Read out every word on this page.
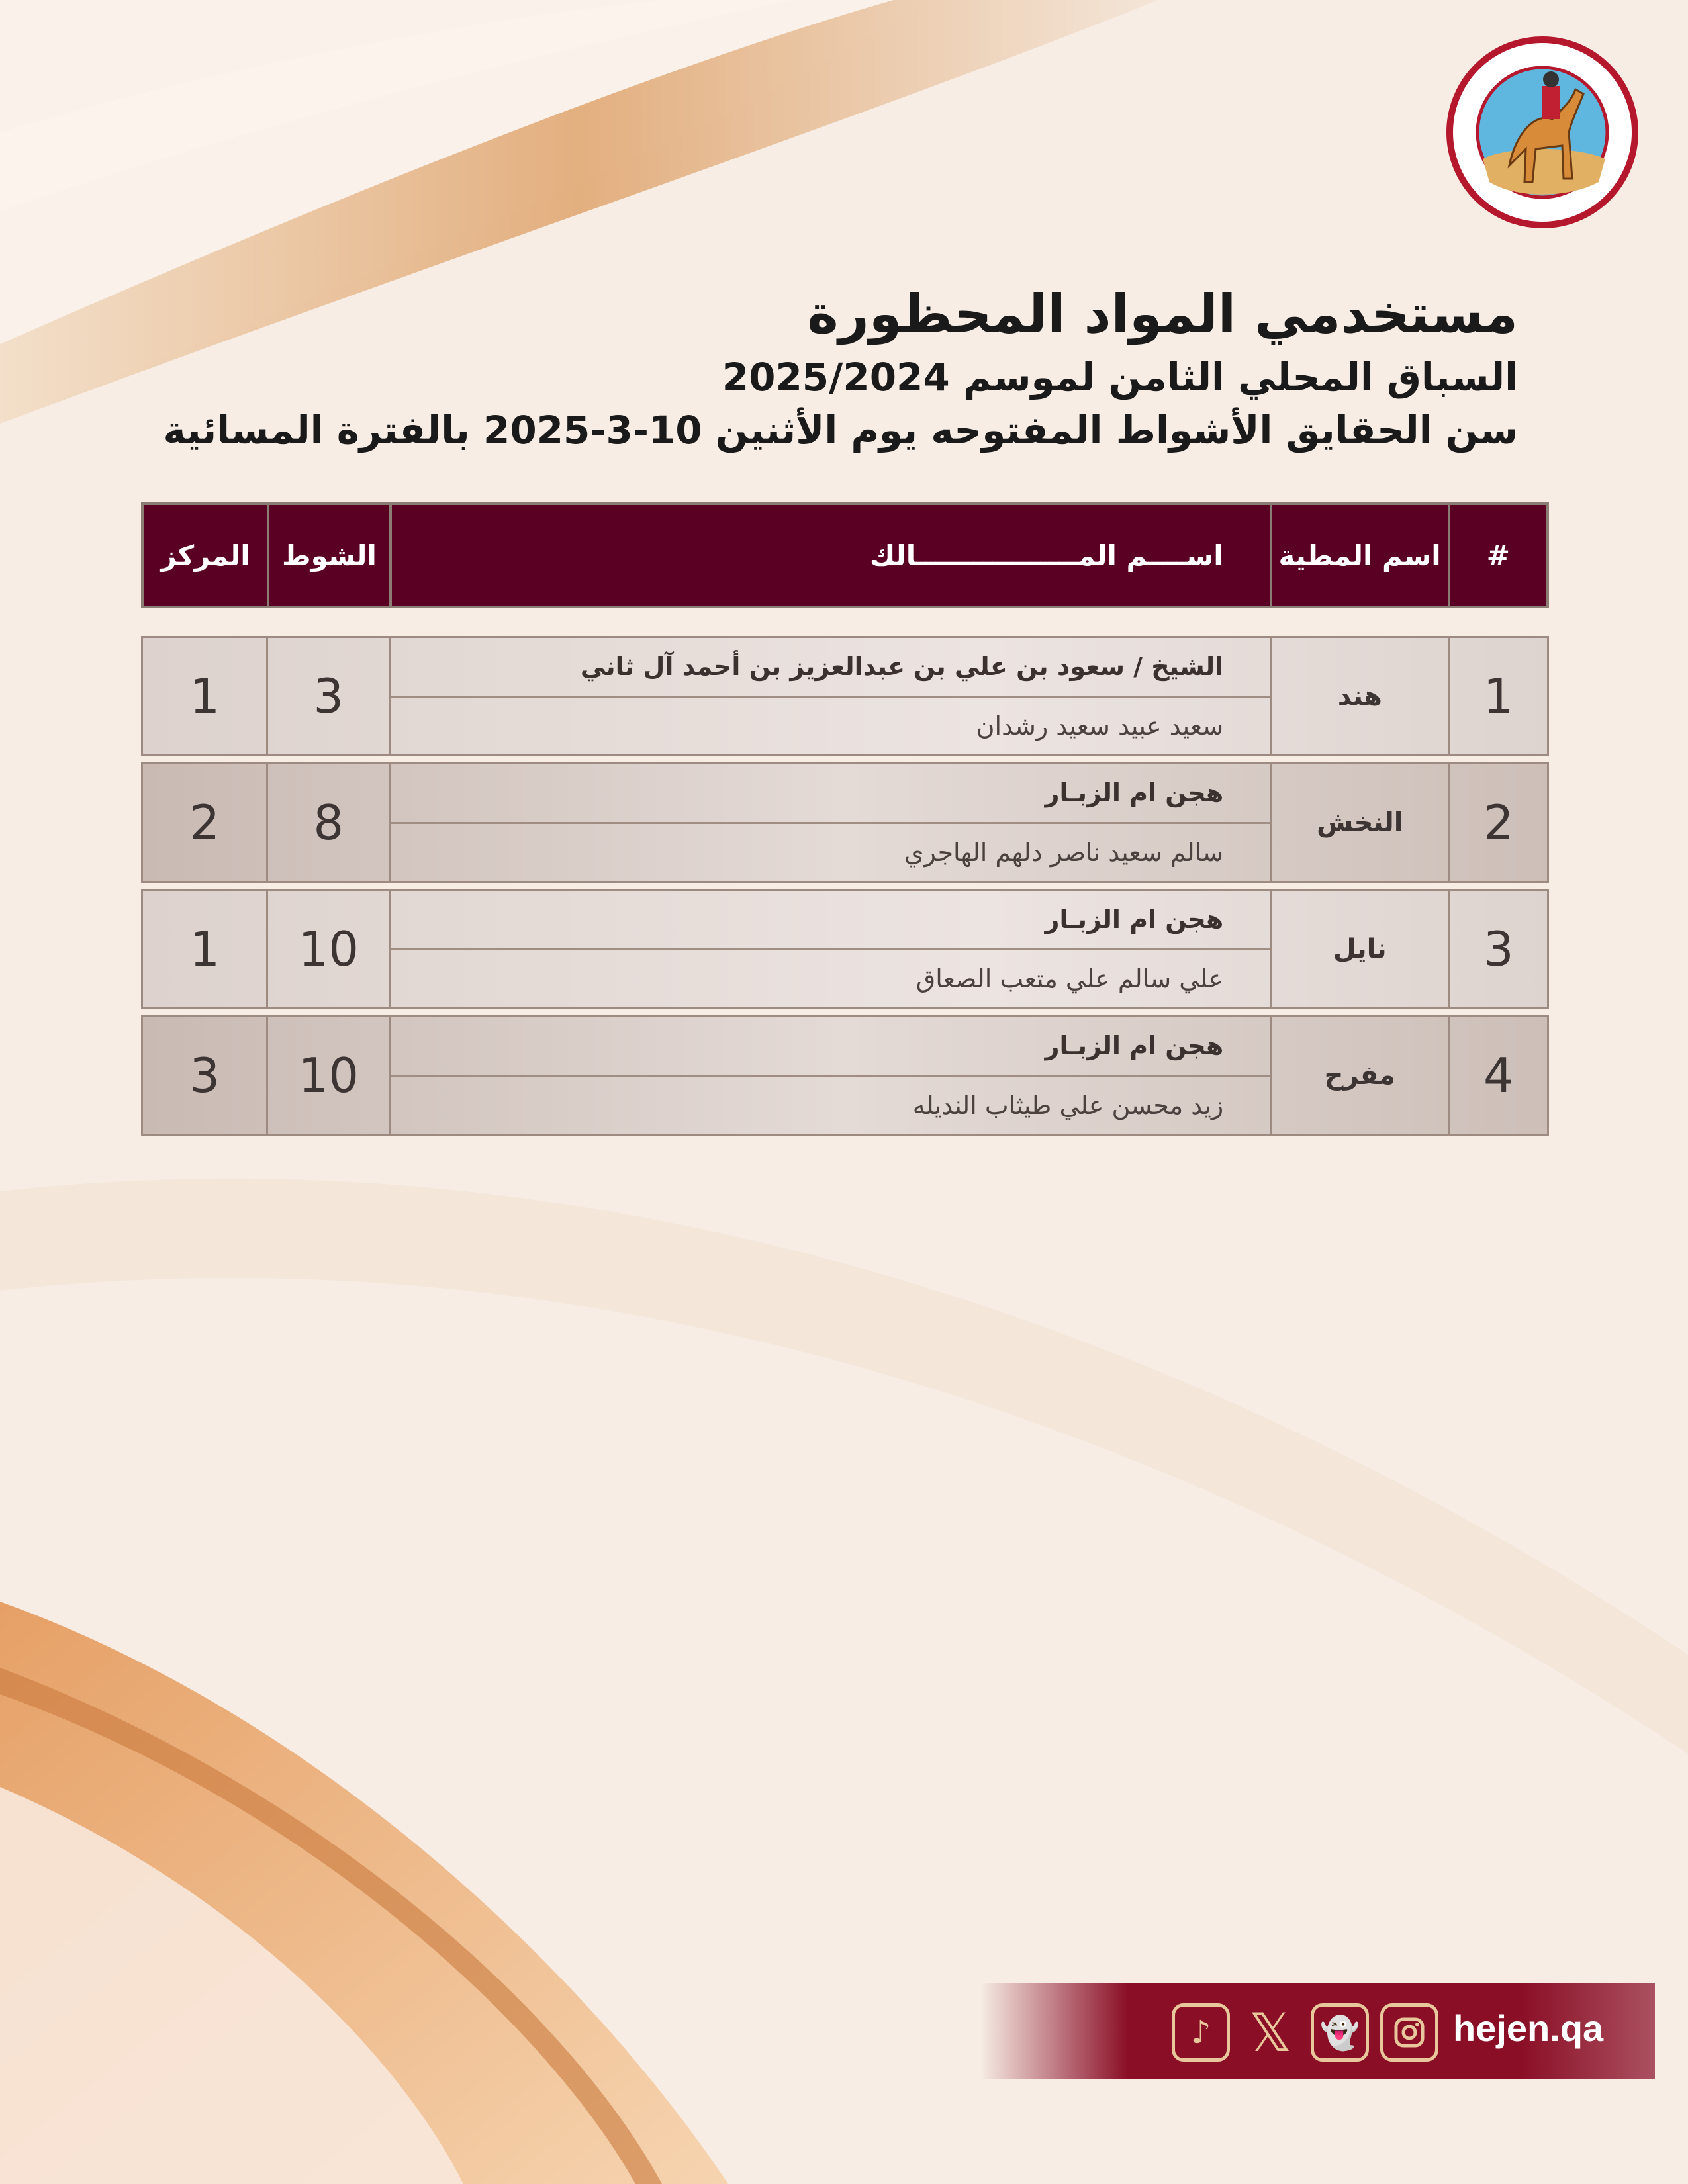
مستخدمي المواد المحظورة

السباق المحلي الثامن لموسم 2025/2024

سن الحقايق الأشواط المفتوحه يوم الأثنين 10-3-2025 بالفترة المسائية

#
اسم المطية
اســــم المـــــــــــــــــالك
الشوط
المركز
1
هند
الشيخ / سعود بن علي بن عبدالعزيز بن أحمد آل ثاني
سعيد عبيد سعيد رشدان
3
1
2
النخش
هجن ام الزبـار
سالم سعيد ناصر دلهم الهاجري
8
2
3
نايل
هجن ام الزبـار
علي سالم علي متعب الصعاق
10
1
4
مفرح
هجن ام الزبـار
زيد محسن علي طيثاب النديله
10
3
♪ 𝕏 👻	hejen.qa
